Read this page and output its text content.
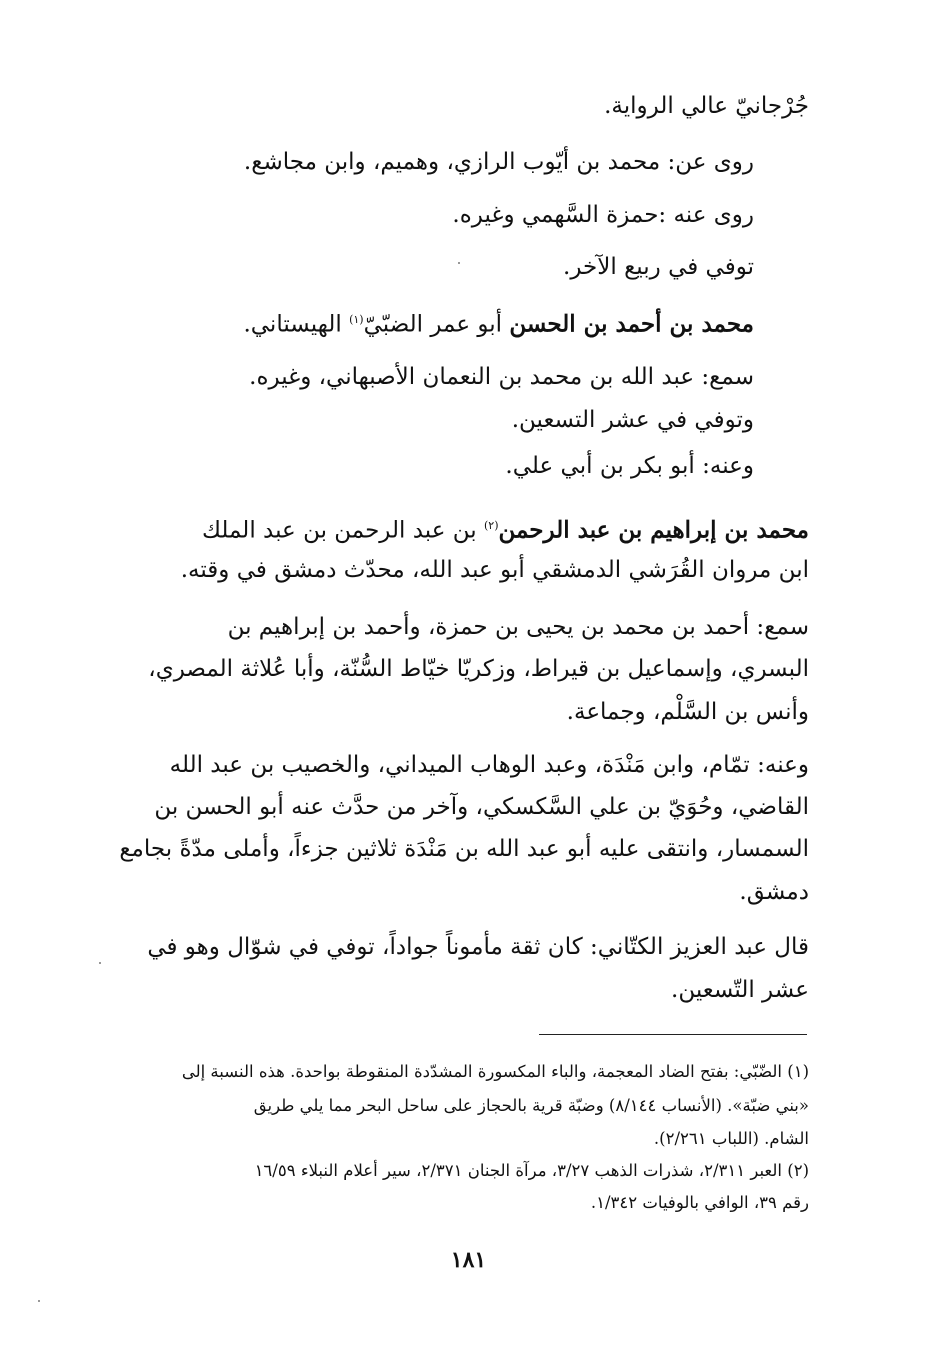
جُرْجانيّ عالي الرواية.
روى عن: محمد بن أيّوب الرازي، وهميم، وابن مجاشع.
روى عنه :حمزة السَّهمي وغيره.
توفي في ربيع الآخر.
محمد بن أحمد بن الحسن أبو عمر الضبّيّ$^{(١)}$ الهيستاني.
سمع: عبد الله بن محمد بن النعمان الأصبهاني، وغيره.
وتوفي في عشر التسعين.
وعنه: أبو بكر بن أبي علي.
محمد بن إبراهيم بن عبد الرحمن$^{(٢)}$ بن عبد الرحمن بن عبد الملك
ابن مروان القُرَشي الدمشقي أبو عبد الله، محدّث دمشق في وقته.
سمع: أحمد بن محمد بن يحيى بن حمزة، وأحمد بن إبراهيم بن
البسري، وإسماعيل بن قيراط، وزكريّا خيّاط السُّنّة، وأبا عُلاثة المصري،
وأنس بن السَّلْم، وجماعة.
وعنه: تمّام، وابن مَنْدَة، وعبد الوهاب الميداني، والخصيب بن عبد الله
القاضي، وحُوَيّ بن علي السَّكسكي، وآخر من حدَّث عنه أبو الحسن بن
السمسار، وانتقى عليه أبو عبد الله بن مَنْدَة ثلاثين جزءاً، وأملى مدّةً بجامع
دمشق.
قال عبد العزيز الكتّاني: كان ثقة مأموناً جواداً، توفي في شوّال وهو في
عشر التّسعين.
(١) الضّبّي: بفتح الضاد المعجمة، والباء المكسورة المشدّدة المنقوطة بواحدة. هذه النسبة إلى
«بني ضبّة». (الأنساب ٨/١٤٤) وضبّة قرية بالحجاز على ساحل البحر مما يلي طريق
الشام. (اللباب ٢/٢٦١).
(٢) العبر ٢/٣١١، شذرات الذهب ٣/٢٧، مرآة الجنان ٢/٣٧١، سير أعلام النبلاء ١٦/٥٩
رقم ٣٩، الوافي بالوفيات ١/٣٤٢.
١٨١
